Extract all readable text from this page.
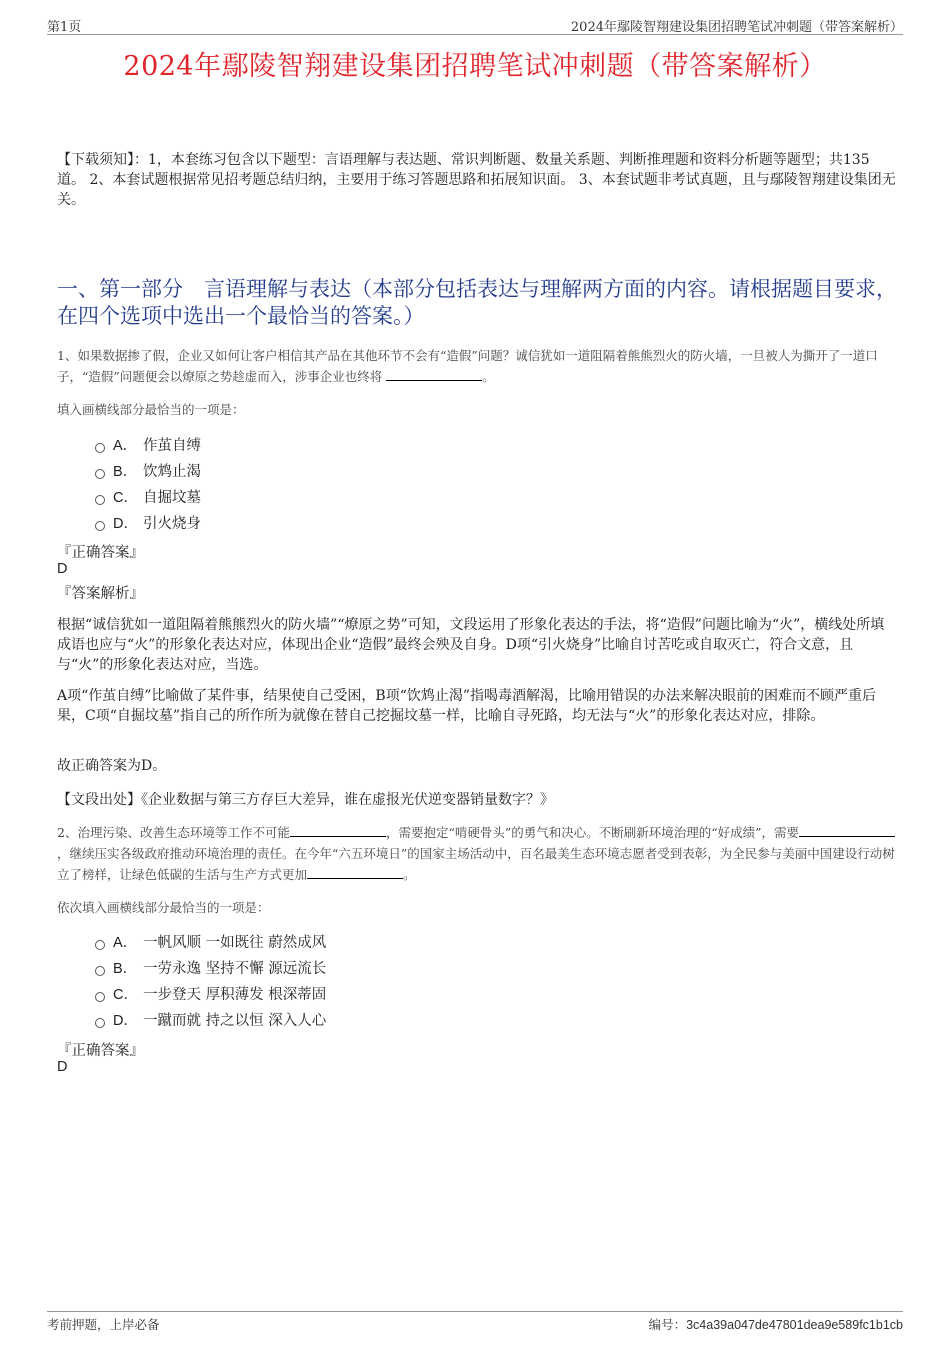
第1页	2024年鄢陵智翔建设集团招聘笔试冲刺题（带答案解析）
2024年鄢陵智翔建设集团招聘笔试冲刺题（带答案解析）
【下载须知】：1，本套练习包含以下题型：言语理解与表达题、常识判断题、数量关系题、判断推理题和资料分析题等题型；共135道。 2、本套试题根据常见招考题总结归纳，主要用于练习答题思路和拓展知识面。 3、本套试题非考试真题，且与鄢陵智翔建设集团无关。
一、第一部分　言语理解与表达（本部分包括表达与理解两方面的内容。请根据题目要求，在四个选项中选出一个最恰当的答案。）
1、如果数据掺了假，企业又如何让客户相信其产品在其他环节不会有“造假”问题？诚信犹如一道阻隔着熊熊烈火的防火墙，一旦被人为撕开了一道口子，“造假”问题便会以燎原之势趁虚而入，涉事企业也终将	。
填入画横线部分最恰当的一项是：
A． 作茧自缚
B． 饮鸩止渴
C． 自掘坟墓
D． 引火烧身
『正确答案』
D
『答案解析』
根据“诚信犹如一道阻隔着熊熊烈火的防火墙”“燎原之势”可知，文段运用了形象化表达的手法，将“造假”问题比喻为“火”，横线处所填成语也应与“火”的形象化表达对应，体现出企业“造假”最终会殃及自身。D项“引火烧身”比喻自讨苦吃或自取灭亡，符合文意，且与“火”的形象化表达对应，当选。
A项“作茧自缚”比喻做了某件事，结果使自己受困，B项“饮鸩止渴”指喝毒酒解渴，比喻用错误的办法来解决眼前的困难而不顾严重后果，C项“自掘坟墓”指自己的所作所为就像在替自己挖掘坟墓一样，比喻自寻死路，均无法与“火”的形象化表达对应，排除。
故正确答案为D。
【文段出处】《企业数据与第三方存巨大差异，谁在虚报光伏逆变器销量数字？》
2、治理污染、改善生态环境等工作不可能	，需要抱定“啃硬骨头”的勇气和决心。不断刷新环境治理的“好成绩”，需要，继续压实各级政府推动环境治理的责任。在今年“六五环境日”的国家主场活动中，百名最美生态环境志愿者受到表彰，为全民参与美丽中国建设行动树立了榜样，让绿色低碳的生活与生产方式更加	。
依次填入画横线部分最恰当的一项是：
A． 一帆风顺 一如既往 蔚然成风
B． 一劳永逸 坚持不懈 源远流长
C． 一步登天 厚积薄发 根深蒂固
D． 一蹴而就 持之以恒 深入人心
『正确答案』
D
考前押题，上岸必备	编号：3c4a39a047de47801dea9e589fc1b1cb
